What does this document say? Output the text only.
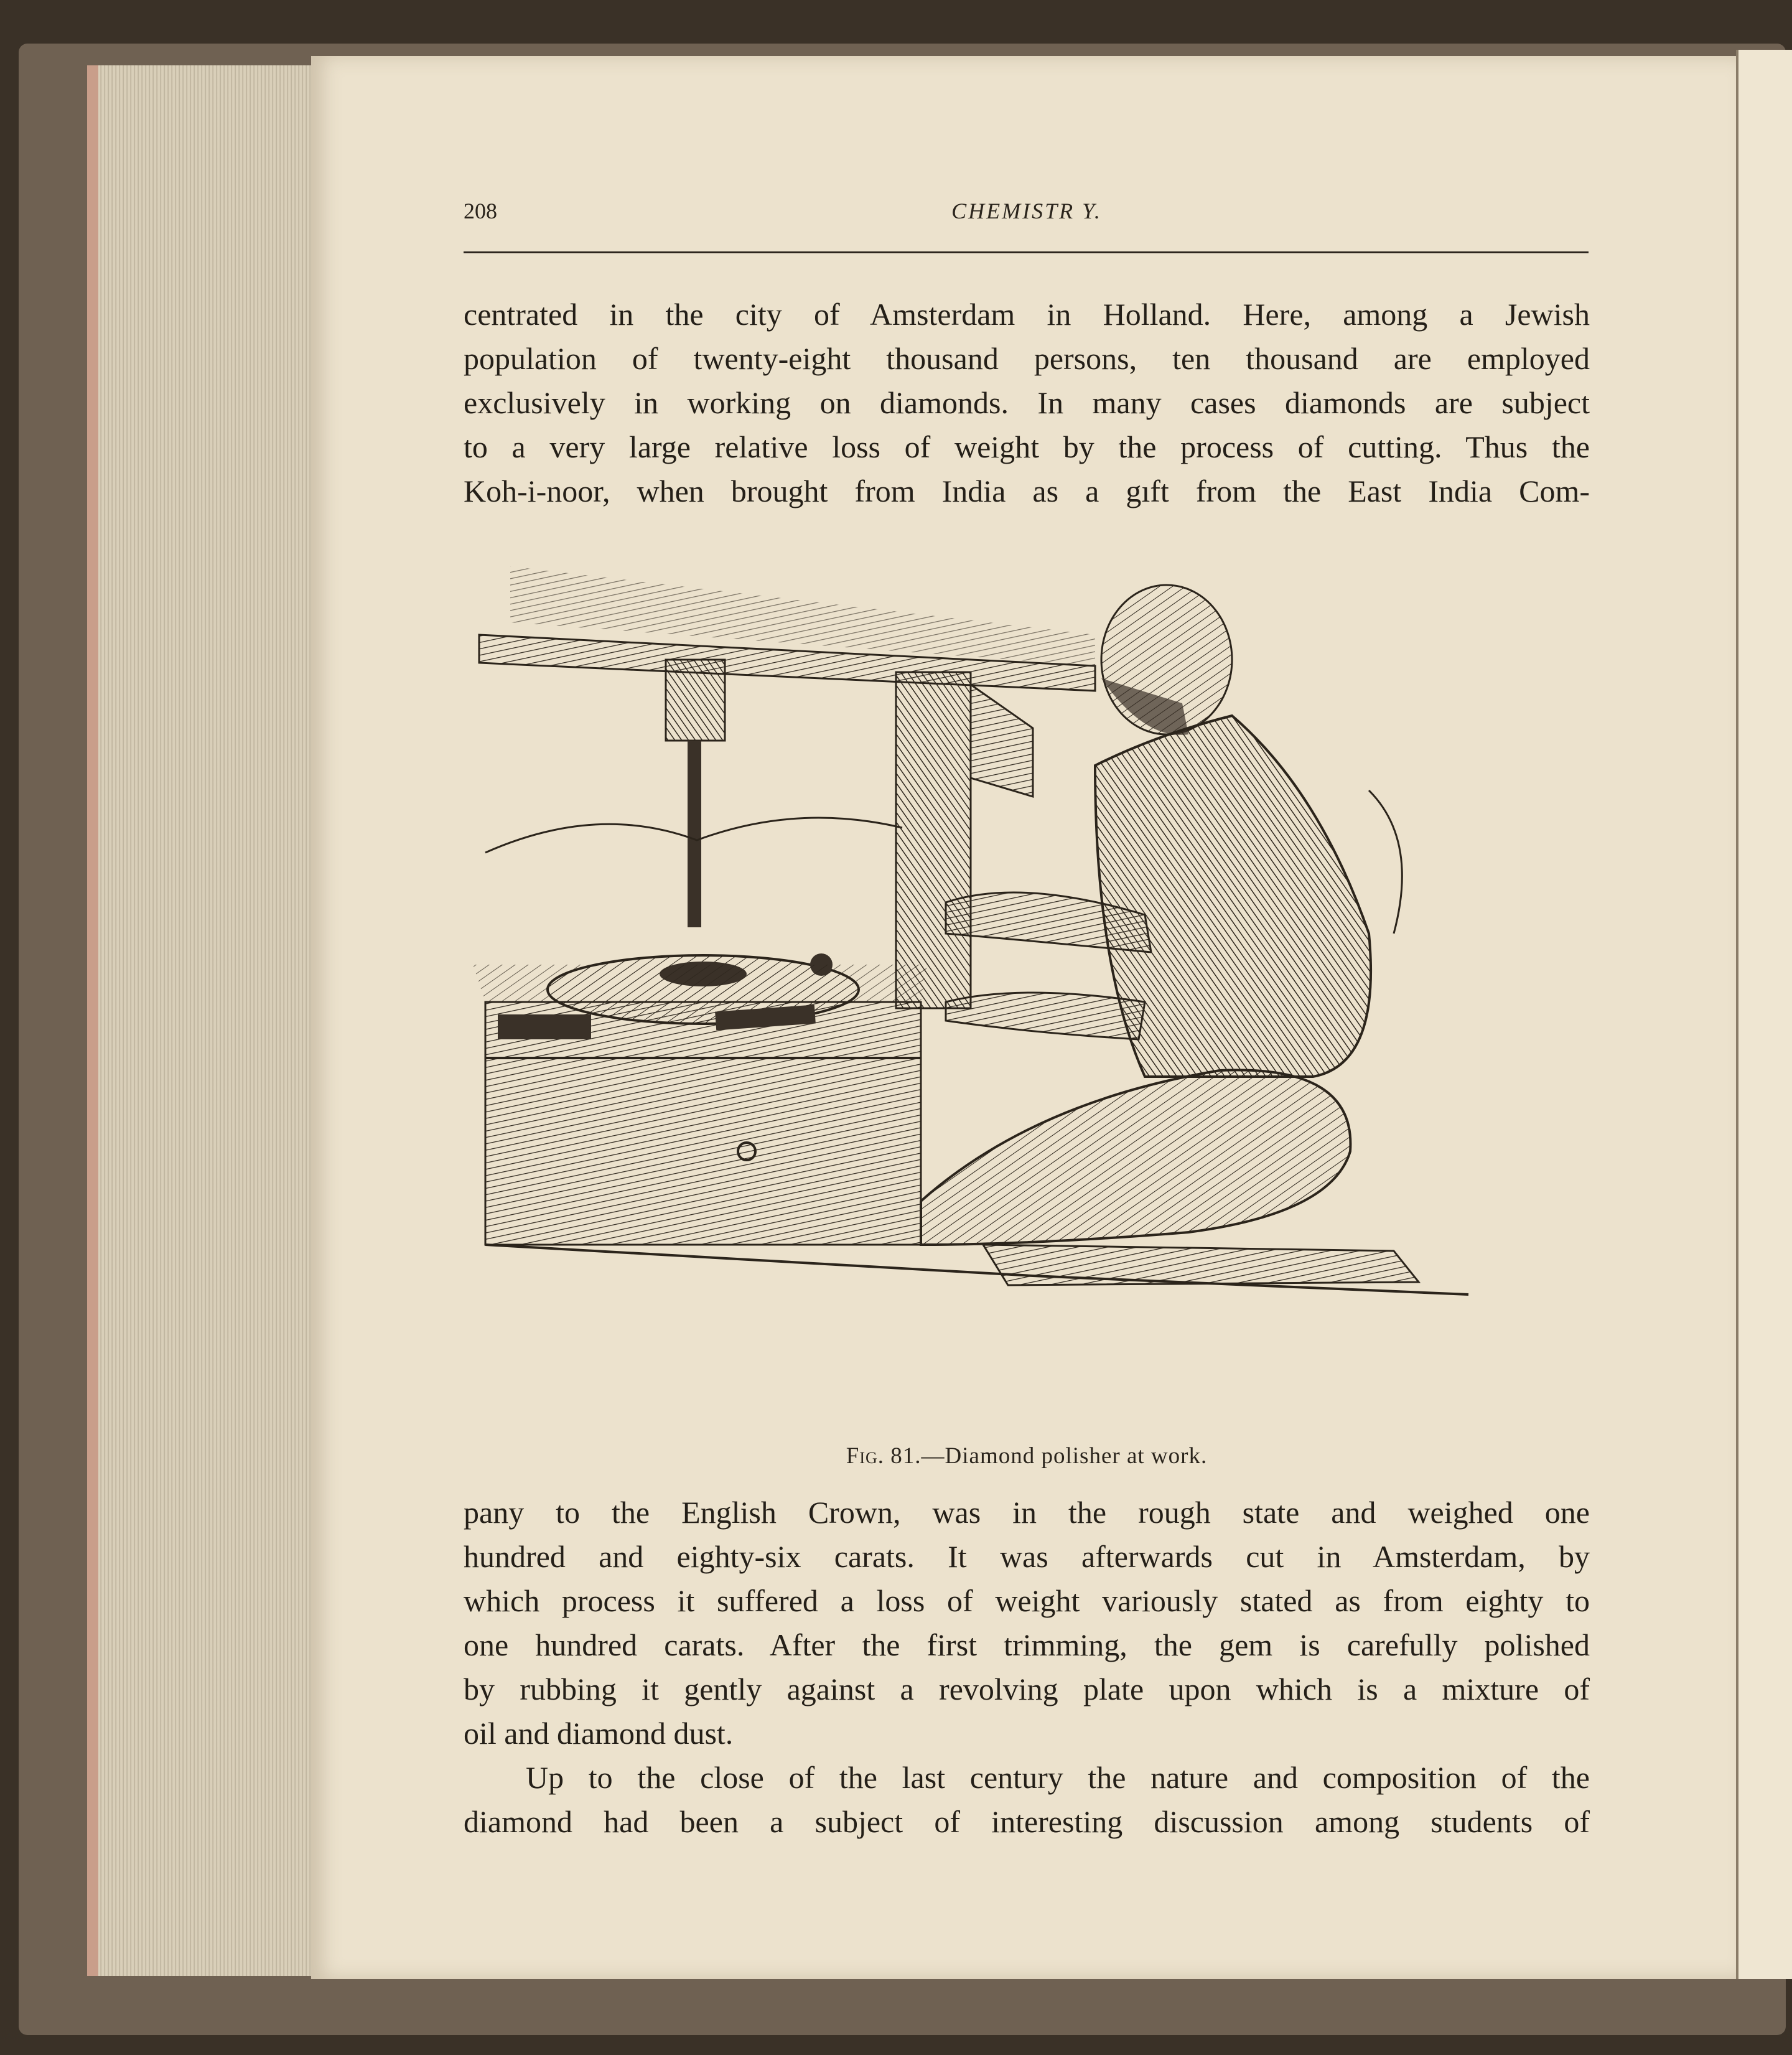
208	CHEMISTR Y.
centrated in the city of Amsterdam in Holland. Here, among a Jewish
population of twenty-eight thousand persons, ten thousand are employed
exclusively in working on diamonds. In many cases diamonds are subject
to a very large relative loss of weight by the process of cutting. Thus the
Koh-i-noor, when brought from India as a gıft from the East India Com-
Fig. 81.—Diamond polisher at work.
pany to the English Crown, was in the rough state and weighed one
hundred and eighty-six carats. It was afterwards cut in Amsterdam, by
which process it suffered a loss of weight variously stated as from eighty to
one hundred carats. After the first trimming, the gem is carefully polished
by rubbing it gently against a revolving plate upon which is a mixture of
oil and diamond dust.
Up to the close of the last century the nature and composition of the
diamond had been a subject of interesting discussion among students of
